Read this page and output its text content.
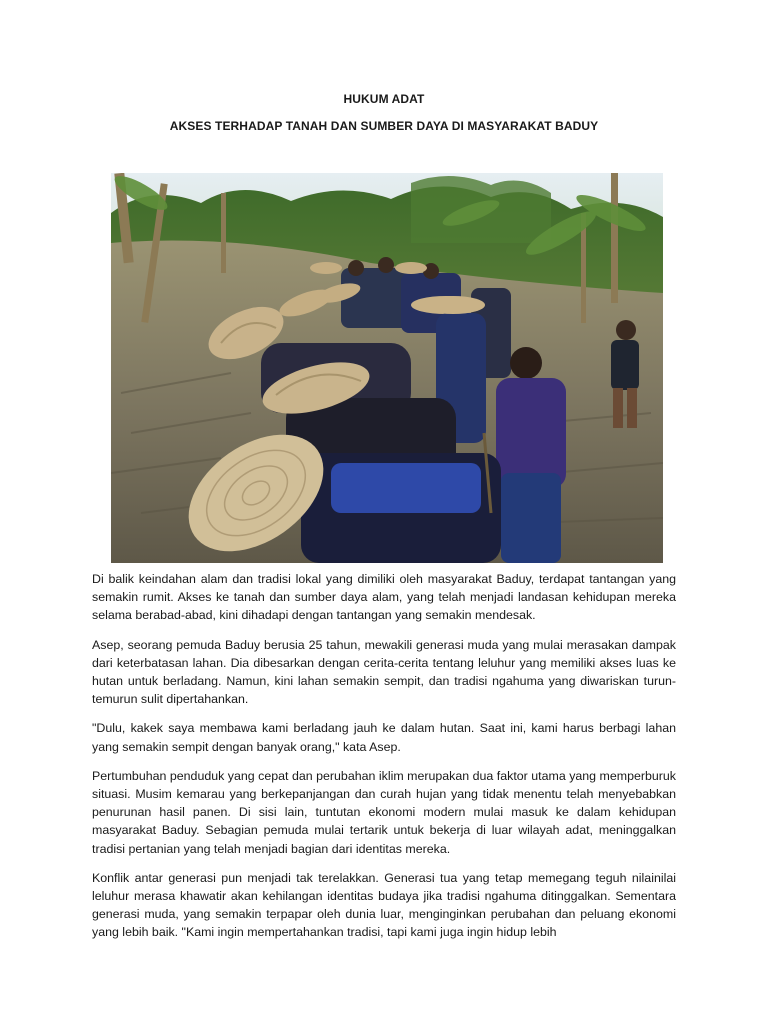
HUKUM ADAT
AKSES TERHADAP TANAH DAN SUMBER DAYA DI MASYARAKAT BADUY

Di balik keindahan alam dan tradisi lokal yang dimiliki oleh masyarakat Baduy, terdapat tantangan yang semakin rumit. Akses ke tanah dan sumber daya alam, yang telah menjadi landasan kehidupan mereka selama berabad-abad, kini dihadapi dengan tantangan yang semakin mendesak.

Asep, seorang pemuda Baduy berusia 25 tahun, mewakili generasi muda yang mulai merasakan dampak dari keterbatasan lahan. Dia dibesarkan dengan cerita-cerita tentang leluhur yang memiliki akses luas ke hutan untuk berladang. Namun, kini lahan semakin sempit, dan tradisi ngahuma yang diwariskan turun-temurun sulit dipertahankan.

"Dulu, kakek saya membawa kami berladang jauh ke dalam hutan. Saat ini, kami harus berbagi lahan yang semakin sempit dengan banyak orang," kata Asep.

Pertumbuhan penduduk yang cepat dan perubahan iklim merupakan dua faktor utama yang memperburuk situasi. Musim kemarau yang berkepanjangan dan curah hujan yang tidak menentu telah menyebabkan penurunan hasil panen. Di sisi lain, tuntutan ekonomi modern mulai masuk ke dalam kehidupan masyarakat Baduy. Sebagian pemuda mulai tertarik untuk bekerja di luar wilayah adat, meninggalkan tradisi pertanian yang telah menjadi bagian dari identitas mereka.

Konflik antar generasi pun menjadi tak terelakkan. Generasi tua yang tetap memegang teguh nilainilai leluhur merasa khawatir akan kehilangan identitas budaya jika tradisi ngahuma ditinggalkan. Sementara generasi muda, yang semakin terpapar oleh dunia luar, menginginkan perubahan dan peluang ekonomi yang lebih baik. "Kami ingin mempertahankan tradisi, tapi kami juga ingin hidup lebih
